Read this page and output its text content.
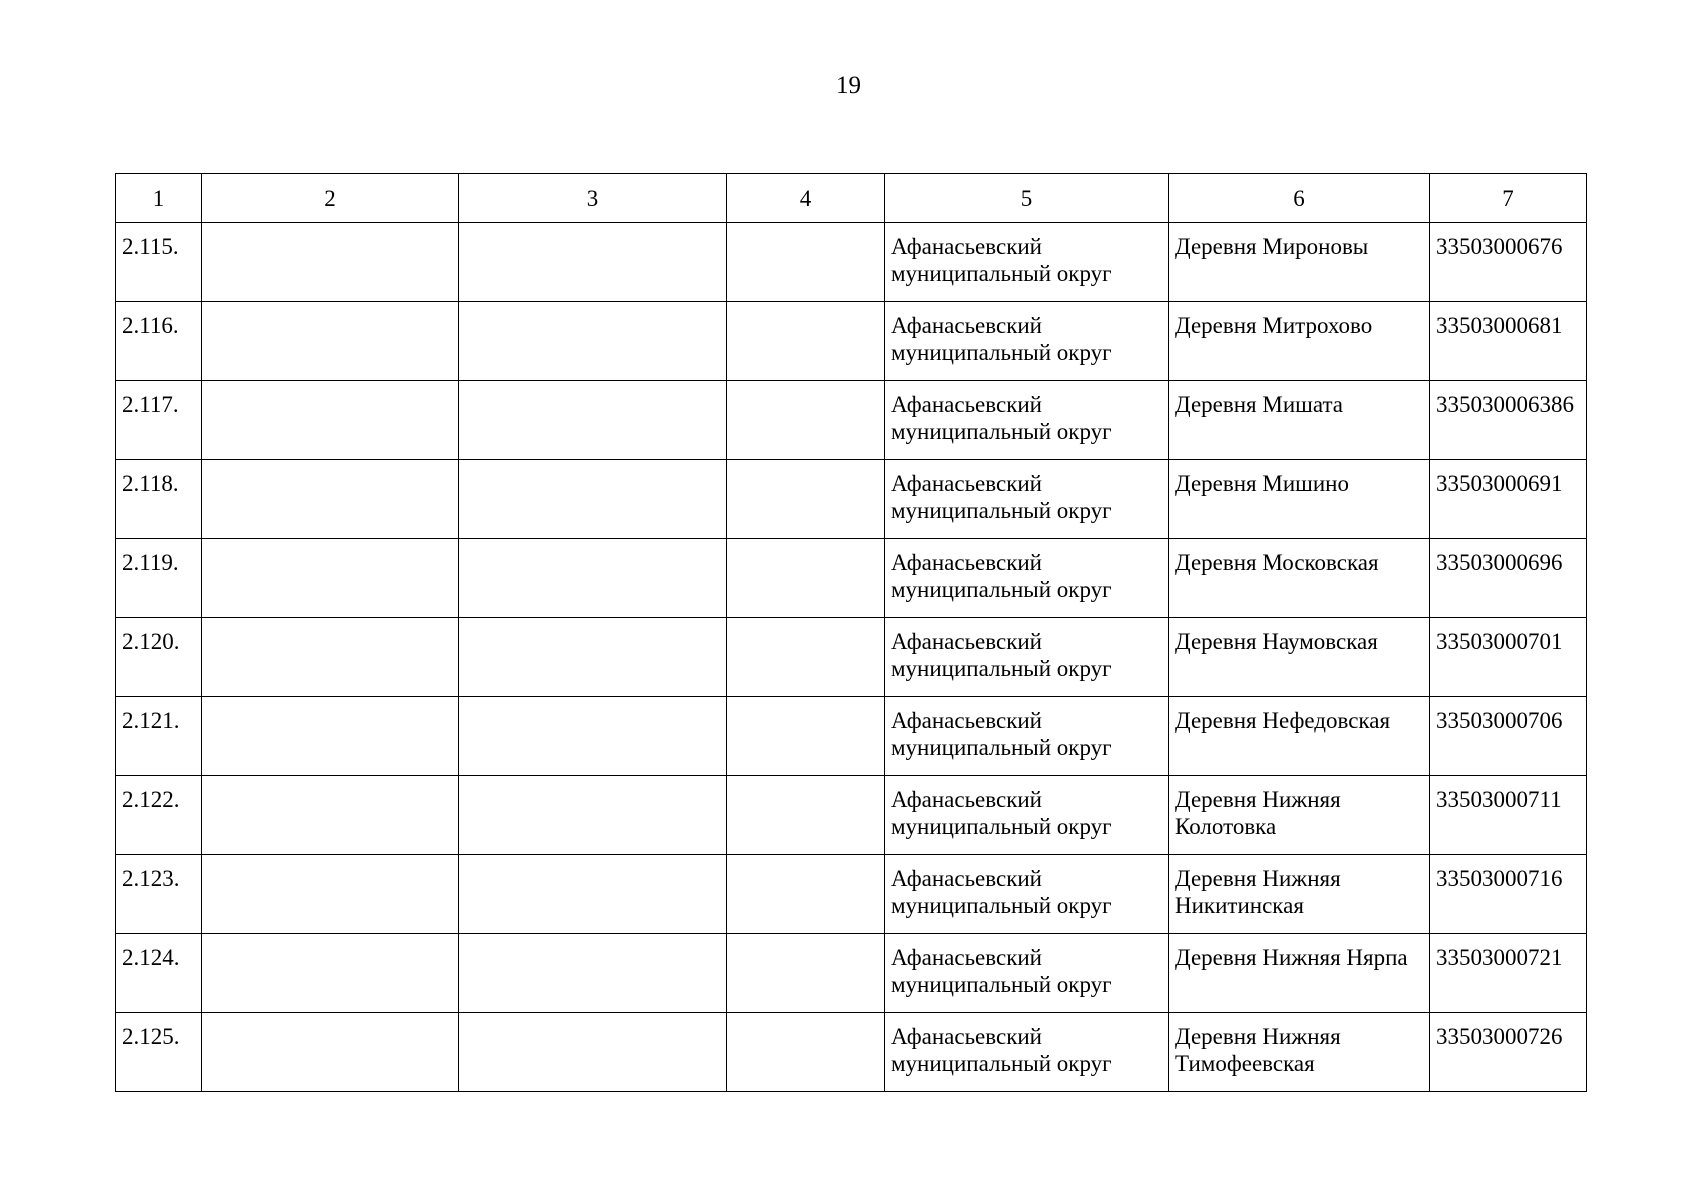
19
1	2	3	4	5	6	7
2.115.				Афанасьевский муниципальный округ	Деревня Мироновы	33503000676
2.116.				Афанасьевский муниципальный округ	Деревня Митрохово	33503000681
2.117.				Афанасьевский муниципальный округ	Деревня Мишата	335030006386
2.118.				Афанасьевский муниципальный округ	Деревня Мишино	33503000691
2.119.				Афанасьевский муниципальный округ	Деревня Московская	33503000696
2.120.				Афанасьевский муниципальный округ	Деревня Наумовская	33503000701
2.121.				Афанасьевский муниципальный округ	Деревня Нефедовская	33503000706
2.122.				Афанасьевский муниципальный округ	Деревня Нижняя Колотовка	33503000711
2.123.				Афанасьевский муниципальный округ	Деревня Нижняя Никитинская	33503000716
2.124.				Афанасьевский муниципальный округ	Деревня Нижняя Нярпа	33503000721
2.125.				Афанасьевский муниципальный округ	Деревня Нижняя Тимофеевская	33503000726
